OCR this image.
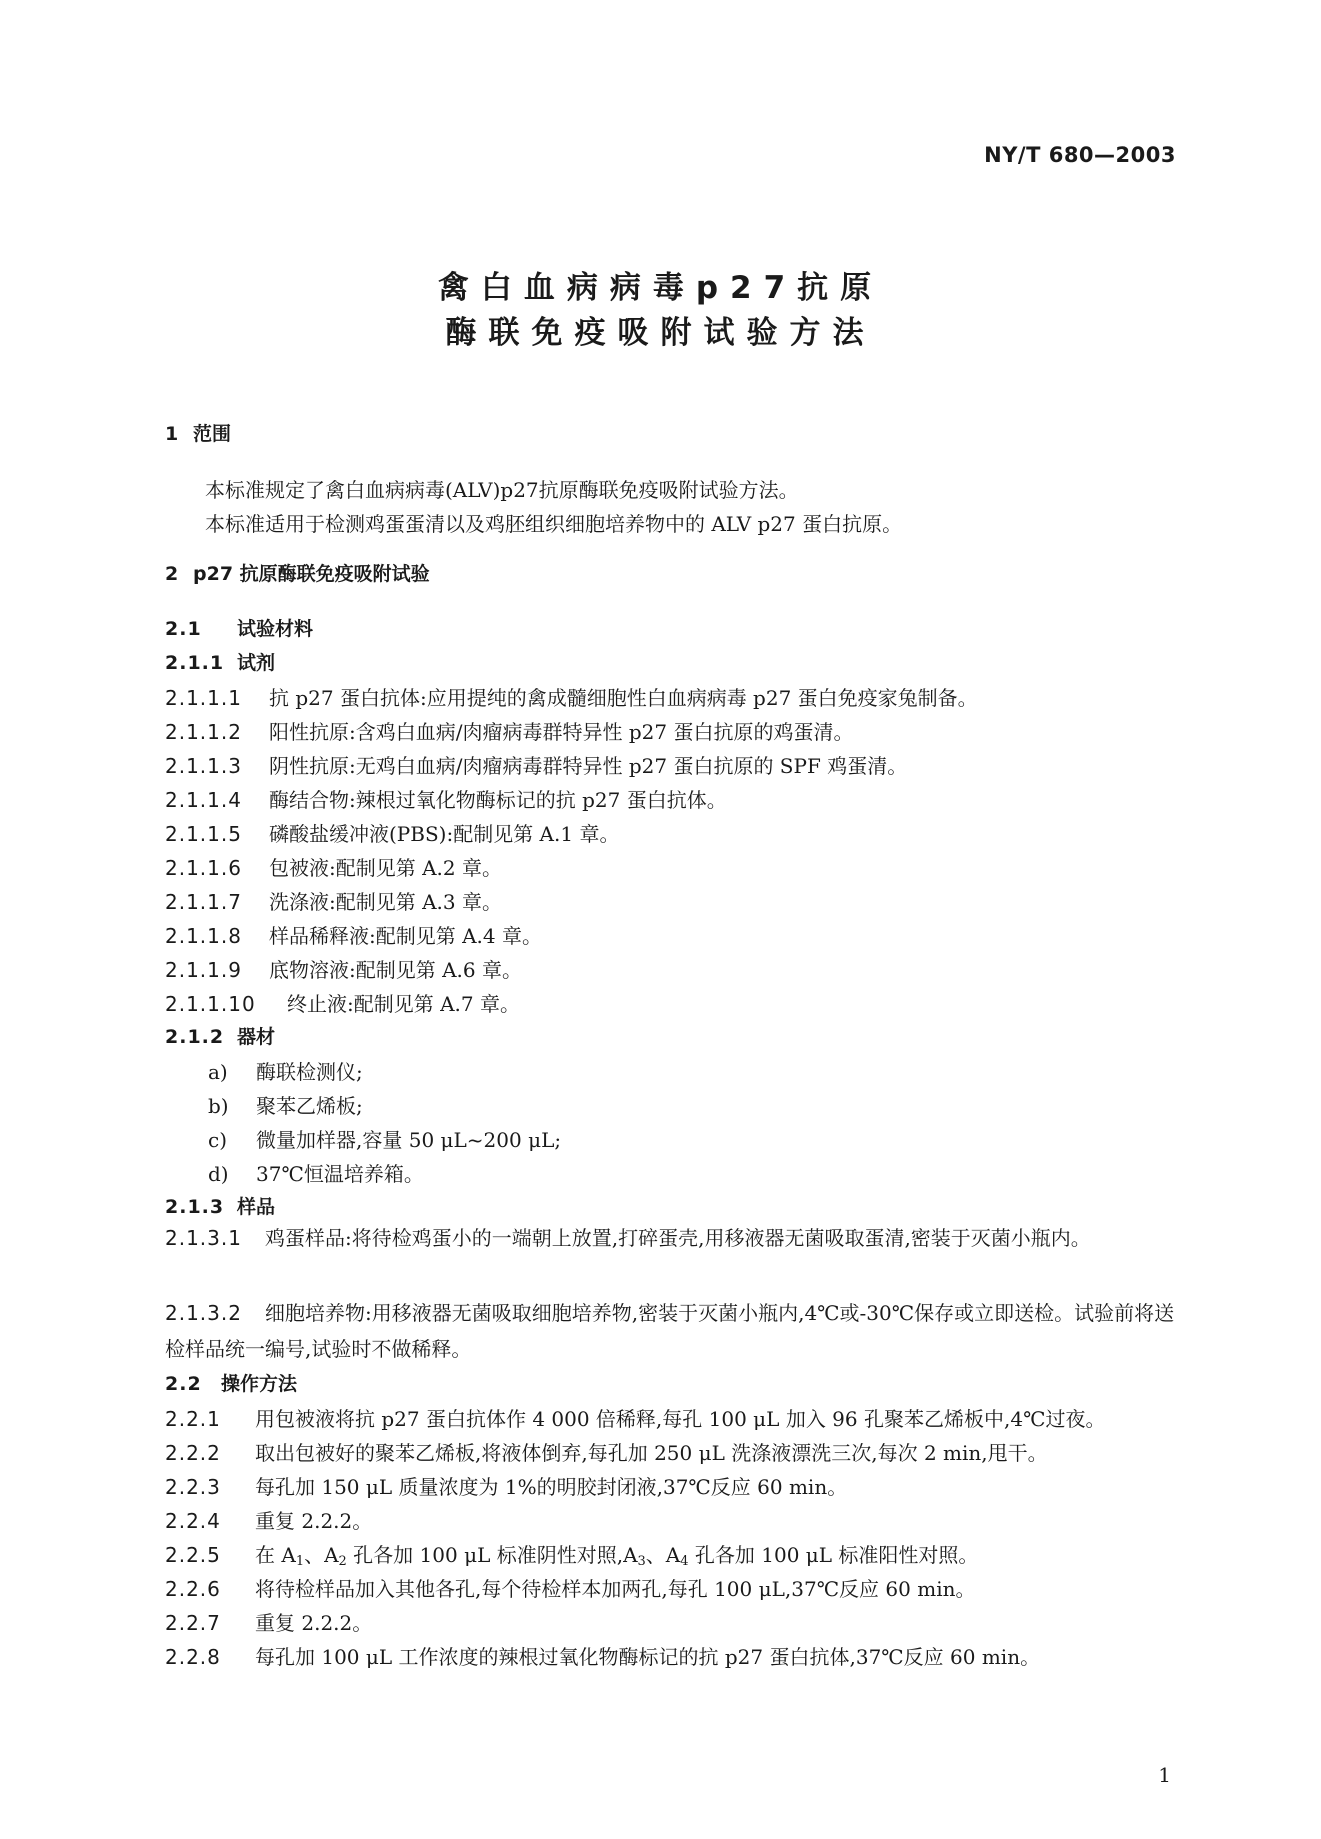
NY/T 680—2003
禽白血病病毒p27抗原
酶联免疫吸附试验方法
1 范围
本标准规定了禽白血病病毒(ALV)p27抗原酶联免疫吸附试验方法。
本标准适用于检测鸡蛋蛋清以及鸡胚组织细胞培养物中的 ALV p27 蛋白抗原。
2 p27 抗原酶联免疫吸附试验
2.1 试验材料
2.1.1 试剂
2.1.1.1 抗 p27 蛋白抗体:应用提纯的禽成髓细胞性白血病病毒 p27 蛋白免疫家兔制备。
2.1.1.2 阳性抗原:含鸡白血病/肉瘤病毒群特异性 p27 蛋白抗原的鸡蛋清。
2.1.1.3 阴性抗原:无鸡白血病/肉瘤病毒群特异性 p27 蛋白抗原的 SPF 鸡蛋清。
2.1.1.4 酶结合物:辣根过氧化物酶标记的抗 p27 蛋白抗体。
2.1.1.5 磷酸盐缓冲液(PBS):配制见第 A.1 章。
2.1.1.6 包被液:配制见第 A.2 章。
2.1.1.7 洗涤液:配制见第 A.3 章。
2.1.1.8 样品稀释液:配制见第 A.4 章。
2.1.1.9 底物溶液:配制见第 A.6 章。
2.1.1.10 终止液:配制见第 A.7 章。
2.1.2 器材
a) 酶联检测仪;
b) 聚苯乙烯板;
c) 微量加样器,容量 50 μL~200 μL;
d) 37℃恒温培养箱。
2.1.3 样品
2.1.3.1 鸡蛋样品:将待检鸡蛋小的一端朝上放置,打碎蛋壳,用移液器无菌吸取蛋清,密装于灭菌小瓶内。
2.1.3.2 细胞培养物:用移液器无菌吸取细胞培养物,密装于灭菌小瓶内,4℃或-30℃保存或立即送检。试验前将送检样品统一编号,试验时不做稀释。
2.2 操作方法
2.2.1 用包被液将抗 p27 蛋白抗体作 4 000 倍稀释,每孔 100 μL 加入 96 孔聚苯乙烯板中,4℃过夜。
2.2.2 取出包被好的聚苯乙烯板,将液体倒弃,每孔加 250 μL 洗涤液漂洗三次,每次 2 min,甩干。
2.2.3 每孔加 150 μL 质量浓度为 1%的明胶封闭液,37℃反应 60 min。
2.2.4 重复 2.2.2。
2.2.5 在 $A_1$、$A_2$ 孔各加 100 μL 标准阴性对照$,A_3$、$A_4$ 孔各加 100 μL 标准阳性对照。
2.2.6 将待检样品加入其他各孔,每个待检样本加两孔,每孔 100 μL,37℃反应 60 min。
2.2.7 重复 2.2.2。
2.2.8 每孔加 100 μL 工作浓度的辣根过氧化物酶标记的抗 p27 蛋白抗体,37℃反应 60 min。
1
